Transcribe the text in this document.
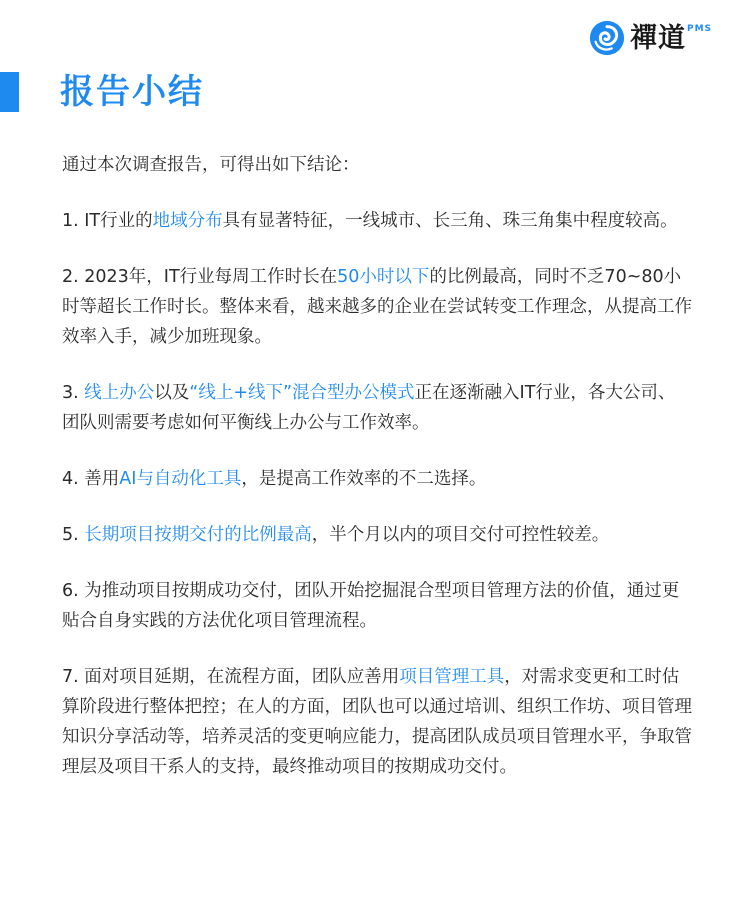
禪道$^{PMS}$
报告小结

通过本次调查报告，可得出如下结论：

1. IT行业的地域分布具有显著特征，一线城市、长三角、珠三角集中程度较高。

2. 2023年，IT行业每周工作时长在50小时以下的比例最高，同时不乏70~80小时等超长工作时长。整体来看，越来越多的企业在尝试转变工作理念，从提高工作效率入手，减少加班现象。

3. 线上办公以及“线上+线下”混合型办公模式正在逐渐融入IT行业，各大公司、团队则需要考虑如何平衡线上办公与工作效率。

4. 善用AI与自动化工具，是提高工作效率的不二选择。

5. 长期项目按期交付的比例最高，半个月以内的项目交付可控性较差。

6. 为推动项目按期成功交付，团队开始挖掘混合型项目管理方法的价值，通过更贴合自身实践的方法优化项目管理流程。

7. 面对项目延期，在流程方面，团队应善用项目管理工具，对需求变更和工时估算阶段进行整体把控；在人的方面，团队也可以通过培训、组织工作坊、项目管理知识分享活动等，培养灵活的变更响应能力，提高团队成员项目管理水平，争取管理层及项目干系人的支持，最终推动项目的按期成功交付。
